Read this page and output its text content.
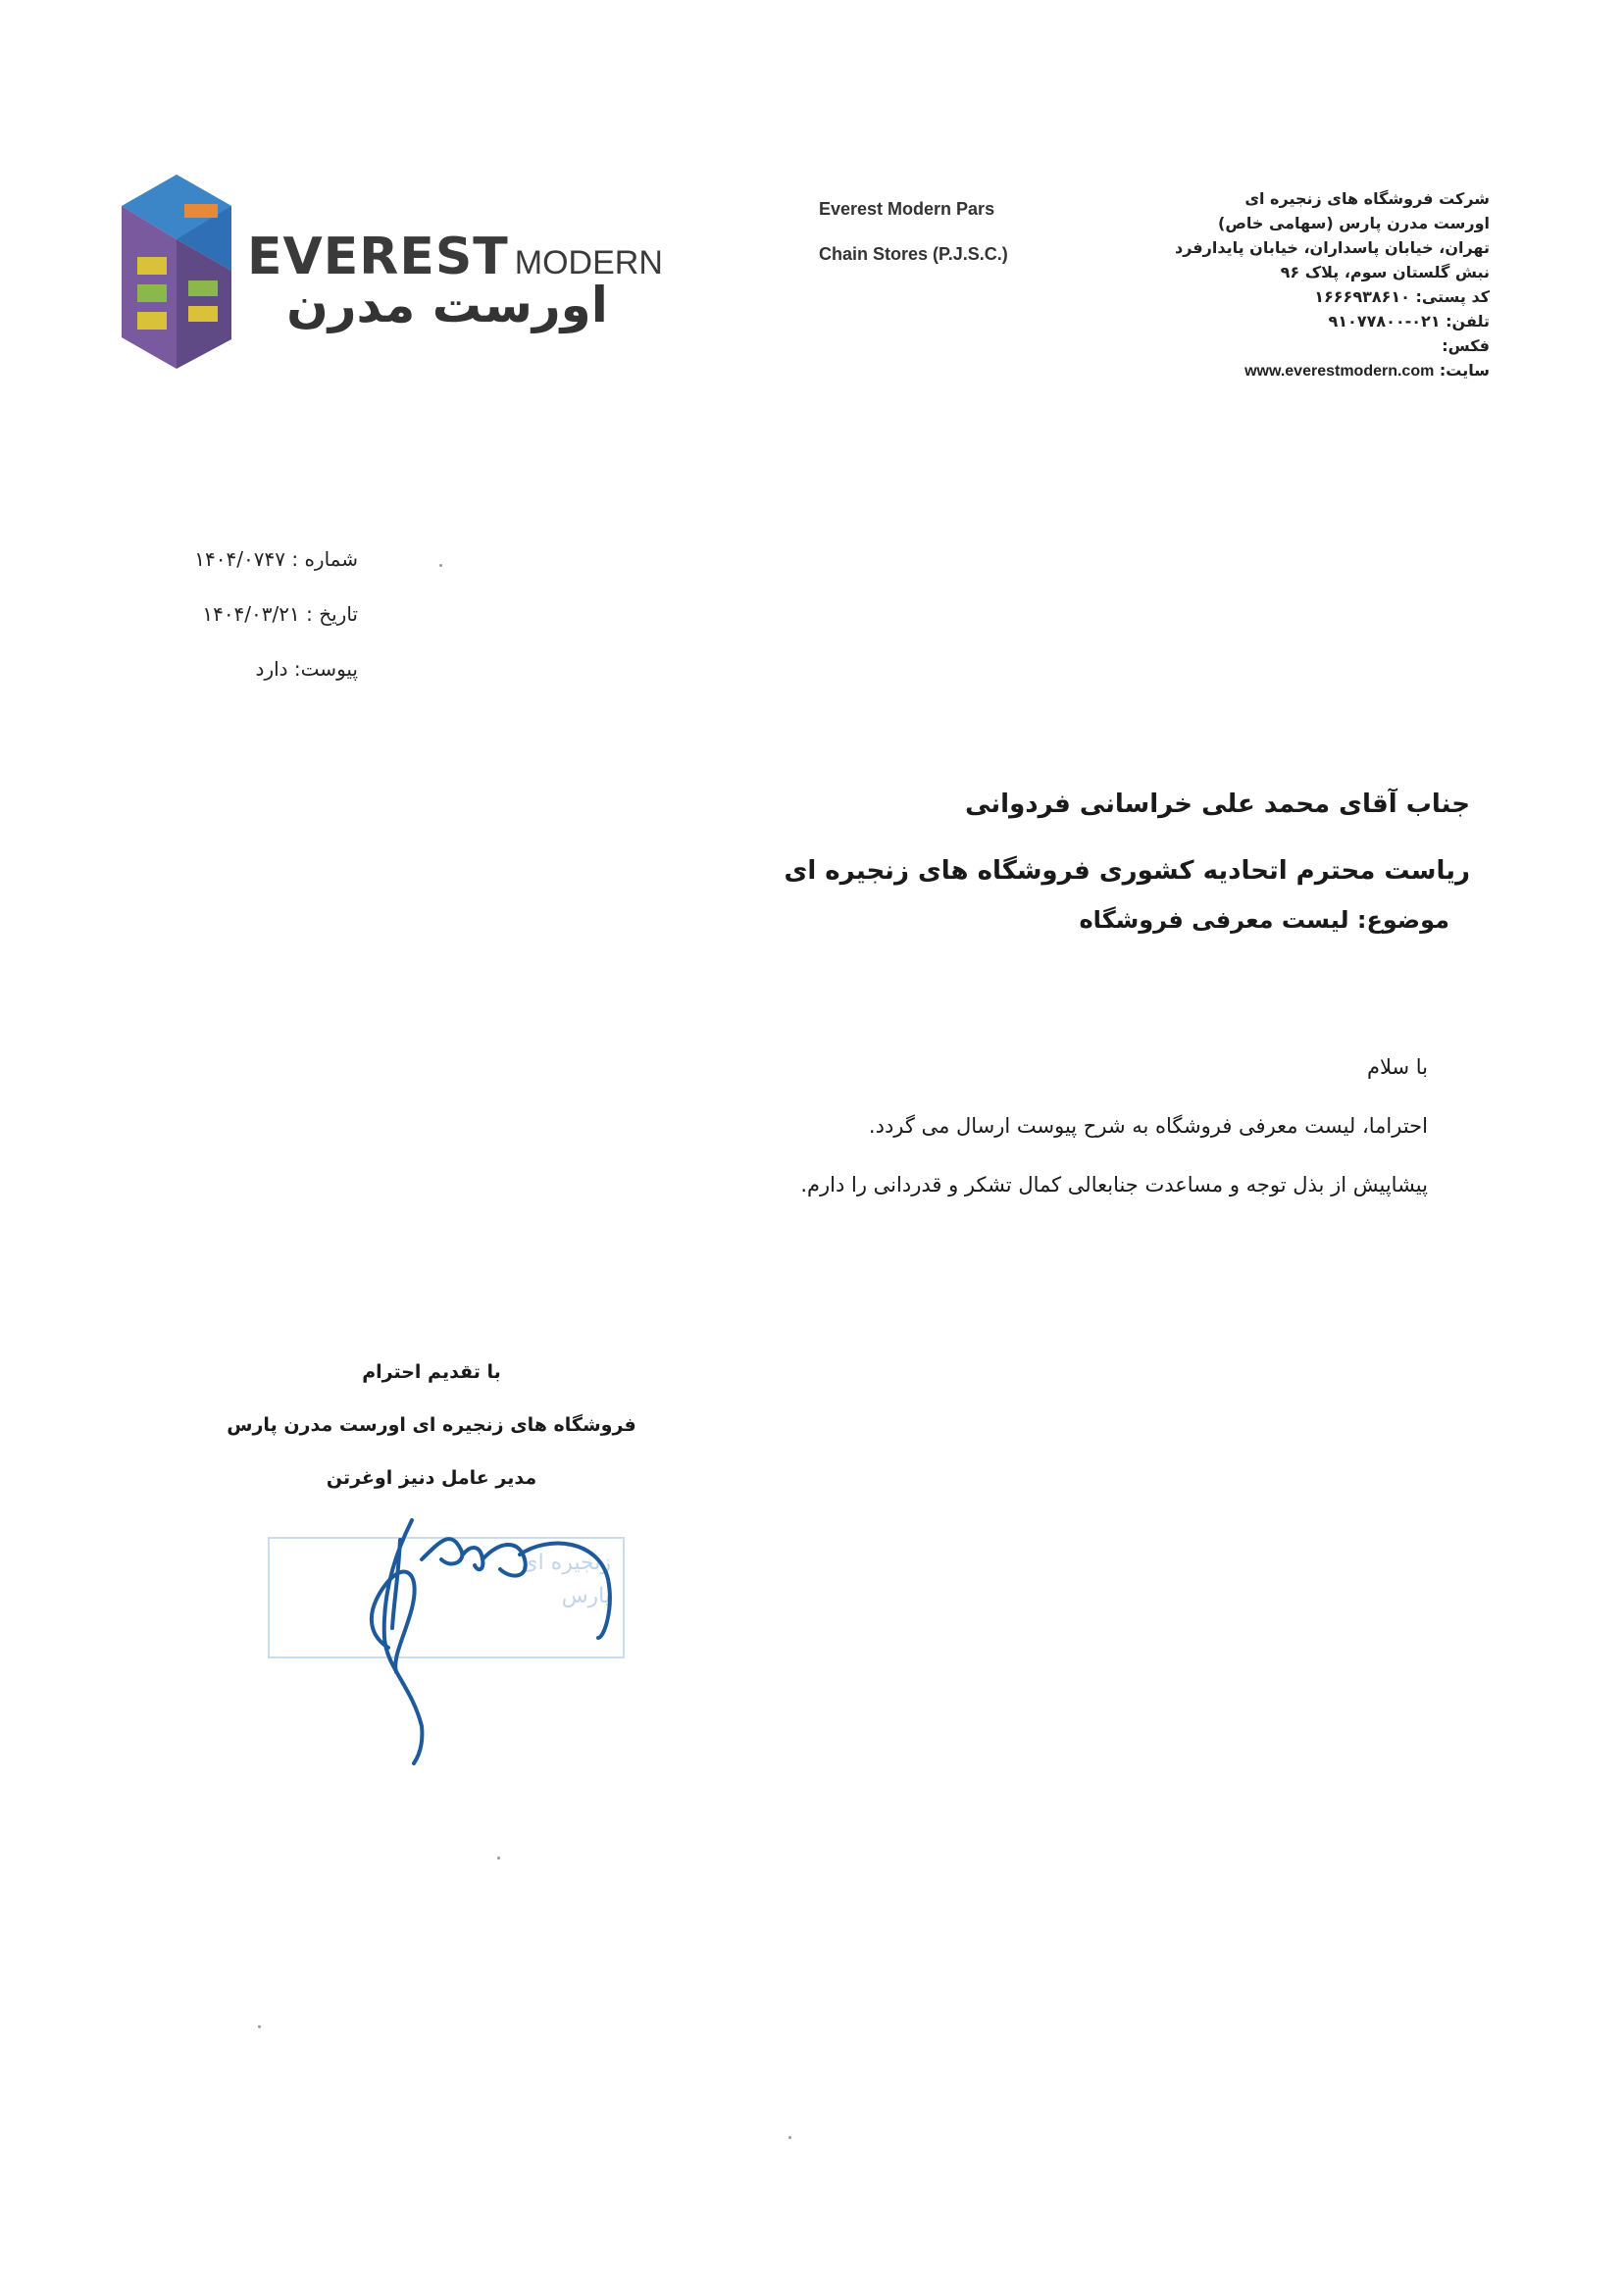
EVEREST MODERN
اورست مدرن
Everest Modern Pars
Chain Stores (P.J.S.C.)
شرکت فروشگاه های زنجیره ای
اورست مدرن پارس (سهامی خاص)
تهران، خیابان پاسداران، خیابان پایدارفرد
نبش گلستان سوم، پلاک ۹۶
کد پستی: ۱۶۶۶۹۳۸۶۱۰
تلفن: ۰۲۱-۹۱۰۷۷۸۰۰
فکس:
سایت: www.everestmodern.com
شماره : ۱۴۰۴/۰۷۴۷
تاریخ : ۱۴۰۴/۰۳/۲۱
پیوست: دارد
جناب آقای محمد علی خراسانی فردوانی
ریاست محترم اتحادیه کشوری فروشگاه های زنجیره ای
موضوع: لیست معرفی فروشگاه
با سلام
احتراما، لیست معرفی فروشگاه به شرح پیوست ارسال می گردد.
پیشاپیش از بذل توجه و مساعدت جنابعالی کمال تشکر و قدردانی را دارم.
با تقدیم احترام
فروشگاه های زنجیره ای اورست مدرن پارس
مدیر عامل دنیز اوغرتن
زنجیره ای
پارس
